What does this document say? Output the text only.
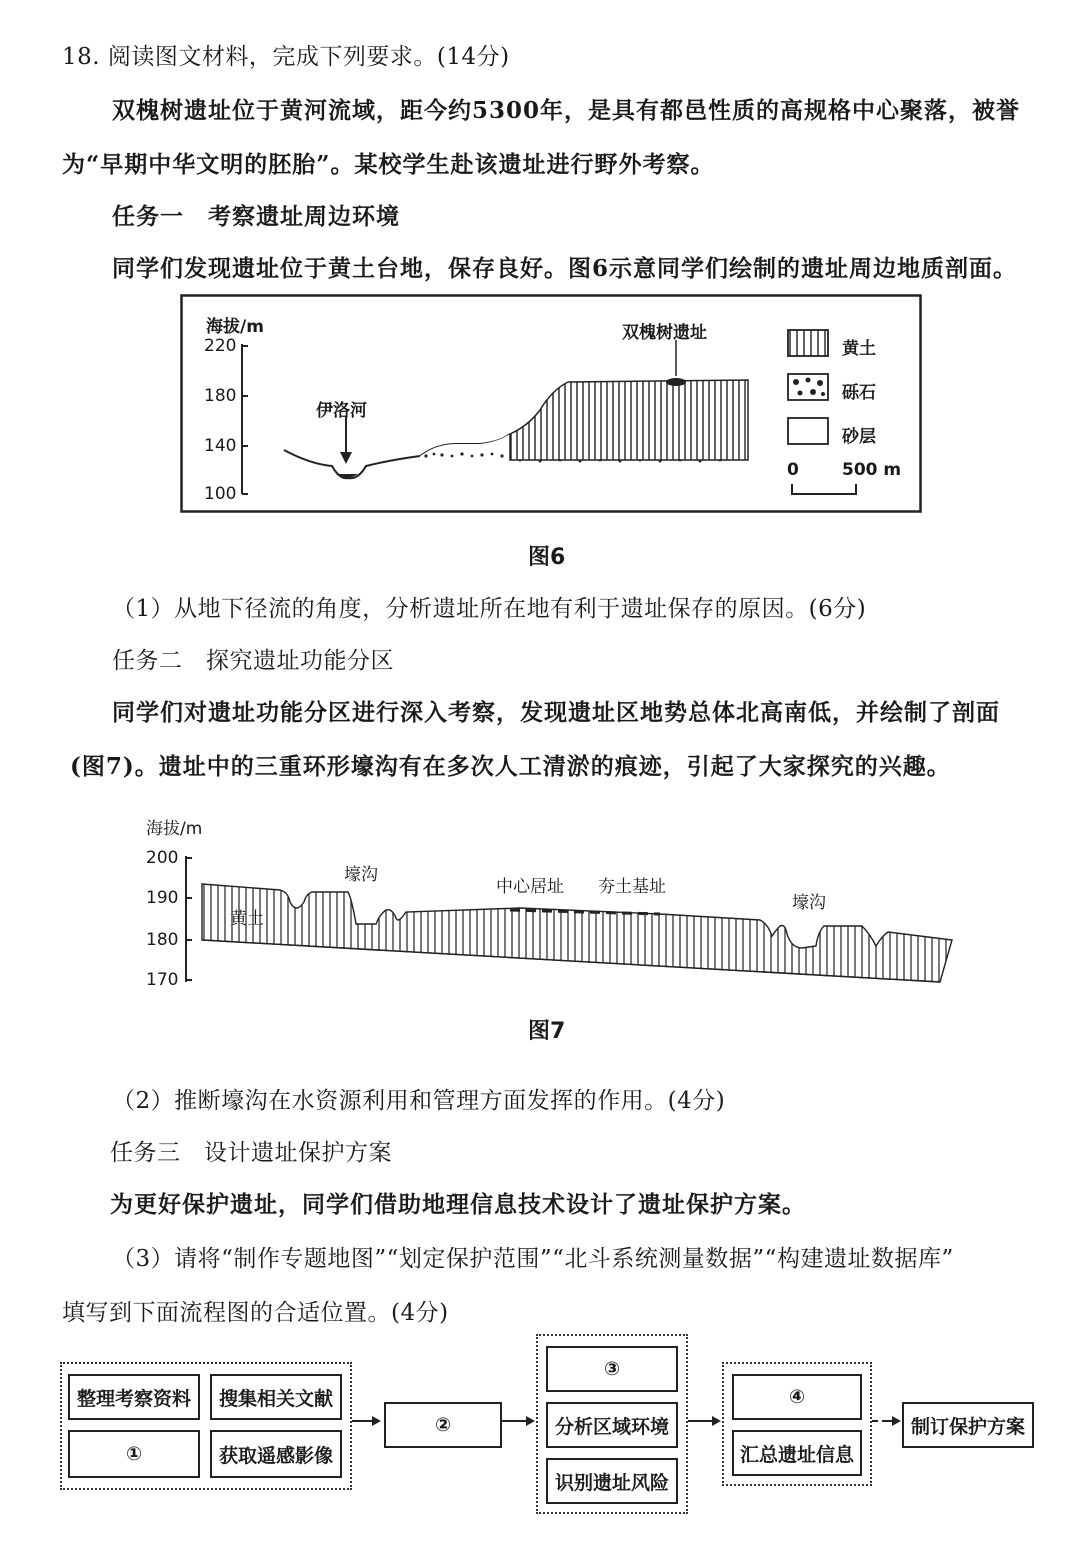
18. 阅读图文材料，完成下列要求。(14分)
双槐树遗址位于黄河流域，距今约5300年，是具有都邑性质的高规格中心聚落，被誉
为“早期中华文明的胚胎”。某校学生赴该遗址进行野外考察。
任务一　考察遗址周边环境
同学们发现遗址位于黄土台地，保存良好。图6示意同学们绘制的遗址周边地质剖面。
海拔/m
220
180
140
100
伊洛河
双槐树遗址
黄土
砾石
砂层
0	500 m
图6
（1）从地下径流的角度，分析遗址所在地有利于遗址保存的原因。(6分)
任务二　探究遗址功能分区
同学们对遗址功能分区进行深入考察，发现遗址区地势总体北高南低，并绘制了剖面
(图7)。遗址中的三重环形壕沟有在多次人工清淤的痕迹，引起了大家探究的兴趣。
海拔/m
200
190
180
170
黄土
壕沟
中心居址 夯土基址
壕沟
图7
（2）推断壕沟在水资源利用和管理方面发挥的作用。(4分)
任务三　设计遗址保护方案
为更好保护遗址，同学们借助地理信息技术设计了遗址保护方案。
（3）请将“制作专题地图”“划定保护范围”“北斗系统测量数据”“构建遗址数据库”
填写到下面流程图的合适位置。(4分)
整理考察资料	搜集相关文献
①	获取遥感影像
②
③
分析区域环境
识别遗址风险
④
汇总遗址信息
制订保护方案
